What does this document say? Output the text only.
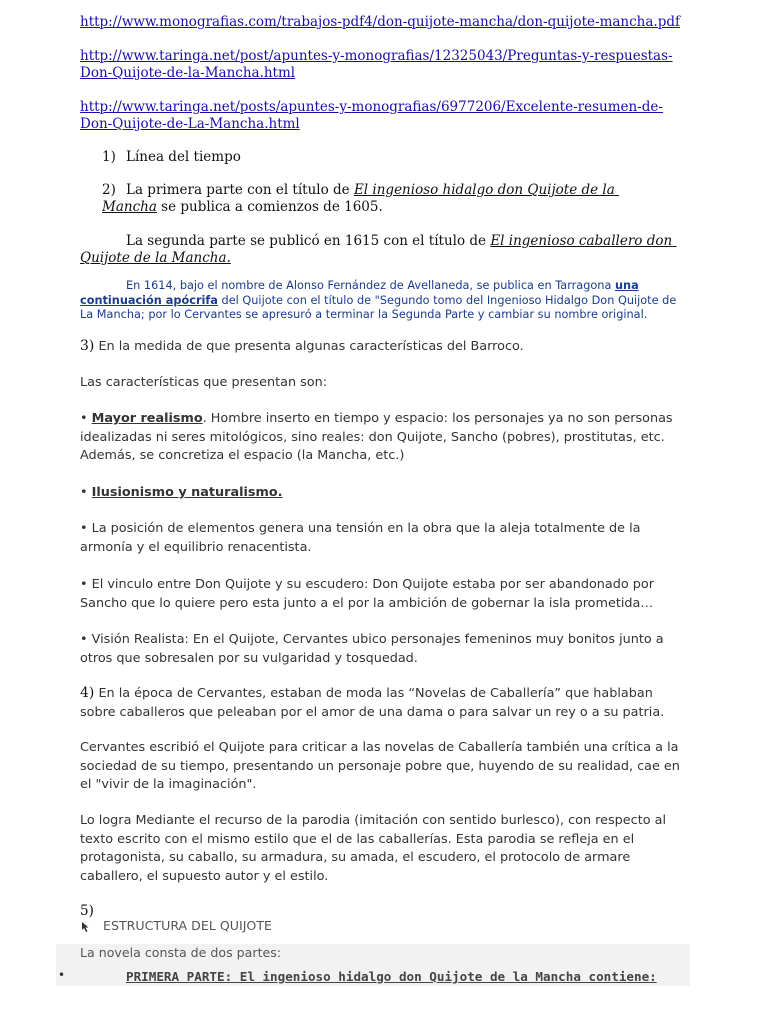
http://www.monografias.com/trabajos-pdf4/don-quijote-mancha/don-quijote-mancha.pdf
http://www.taringa.net/post/apuntes-y-monografias/12325043/Preguntas-y-respuestas-Don-Quijote-de-la-Mancha.html
http://www.taringa.net/posts/apuntes-y-monografias/6977206/Excelente-resumen-de-Don-Quijote-de-La-Mancha.html
1) Línea del tiempo
2) La primera parte con el título de El ingenioso hidalgo don Quijote de la Mancha se publica a comienzos de 1605.
La segunda parte se publicó en 1615 con el título de El ingenioso caballero don Quijote de la Mancha.
En 1614, bajo el nombre de Alonso Fernández de Avellaneda, se publica en Tarragona una continuación apócrifa del Quijote con el título de "Segundo tomo del Ingenioso Hidalgo Don Quijote de La Mancha; por lo Cervantes se apresuró a terminar la Segunda Parte y cambiar su nombre original.
3) En la medida de que presenta algunas características del Barroco.
Las características que presentan son:
• Mayor realismo. Hombre inserto en tiempo y espacio: los personajes ya no son personas idealizadas ni seres mitológicos, sino reales: don Quijote, Sancho (pobres), prostitutas, etc. Además, se concretiza el espacio (la Mancha, etc.)
• Ilusionismo y naturalismo.
• La posición de elementos genera una tensión en la obra que la aleja totalmente de la armonía y el equilibrio renacentista.
• El vinculo entre Don Quijote y su escudero: Don Quijote estaba por ser abandonado por Sancho que lo quiere pero esta junto a el por la ambición de gobernar la isla prometida…
• Visión Realista: En el Quijote, Cervantes ubico personajes femeninos muy bonitos junto a otros que sobresalen por su vulgaridad y tosquedad.
4) En la época de Cervantes, estaban de moda las “Novelas de Caballería” que hablaban sobre caballeros que peleaban por el amor de una dama o para salvar un rey o a su patria.
Cervantes escribió el Quijote para criticar a las novelas de Caballería también una crítica a la sociedad de su tiempo, presentando un personaje pobre que, huyendo de su realidad, cae en el "vivir de la imaginación".
Lo logra Mediante el recurso de la parodia (imitación con sentido burlesco), con respecto al texto escrito con el mismo estilo que el de las caballerías. Esta parodia se refleja en el protagonista, su caballo, su armadura, su amada, el escudero, el protocolo de armare caballero, el supuesto autor y el estilo.
5)
ESTRUCTURA DEL QUIJOTE
La novela consta de dos partes:
•	PRIMERA PARTE: El ingenioso hidalgo don Quijote de la Mancha contiene:
